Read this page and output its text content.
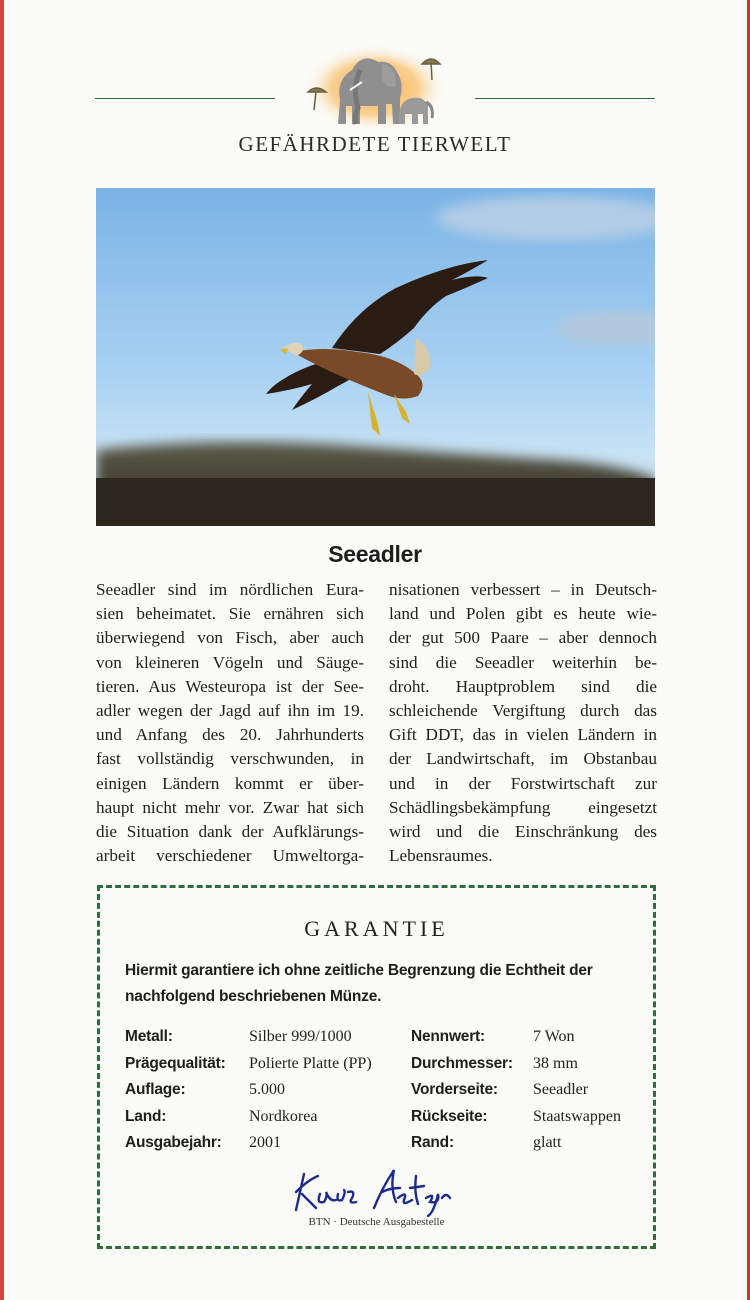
GEFÄHRDETE TIERWELT
Seeadler
Seeadler sind im nördlichen Eura-
sien beheimatet. Sie ernähren sich
überwiegend von Fisch, aber auch
von kleineren Vögeln und Säuge-
tieren. Aus Westeuropa ist der See-
adler wegen der Jagd auf ihn im 19.
und Anfang des 20. Jahrhunderts
fast vollständig verschwunden, in
einigen Ländern kommt er über-
haupt nicht mehr vor. Zwar hat sich
die Situation dank der Aufklärungs-
arbeit verschiedener Umweltorga-
nisationen verbessert – in Deutsch-
land und Polen gibt es heute wie-
der gut 500 Paare – aber dennoch
sind die Seeadler weiterhin be-
droht. Hauptproblem sind die
schleichende Vergiftung durch das
Gift DDT, das in vielen Ländern in
der Landwirtschaft, im Obstanbau
und in der Forstwirtschaft zur
Schädlingsbekämpfung eingesetzt
wird und die Einschränkung des
Lebensraumes.
GARANTIE
Hiermit garantiere ich ohne zeitliche Begrenzung die Echtheit der nachfolgend beschriebenen Münze.
Metall:
Prägequalität:
Auflage:
Land:
Ausgabejahr:
Silber 999/1000
Polierte Platte (PP)
5.000
Nordkorea
2001
Nennwert:
Durchmesser:
Vorderseite:
Rückseite:
Rand:
7 Won
38 mm
Seeadler
Staatswappen
glatt
BTN · Deutsche Ausgabestelle
